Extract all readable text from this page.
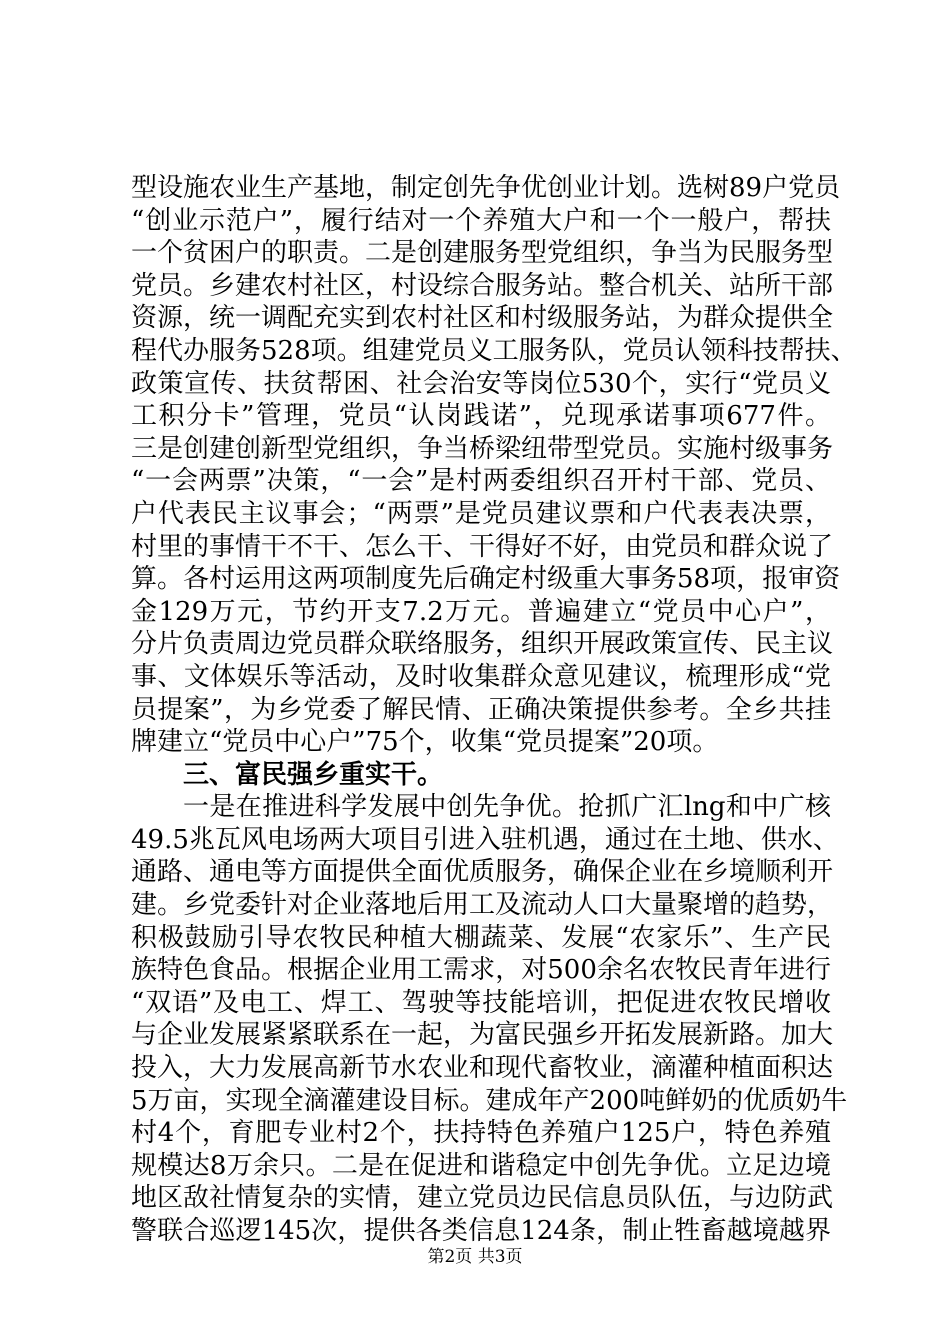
型设施农业生产基地，制定创先争优创业计划。选树89户党员
“创业示范户”，履行结对一个养殖大户和一个一般户，帮扶
一个贫困户的职责。二是创建服务型党组织，争当为民服务型
党员。乡建农村社区，村设综合服务站。整合机关、站所干部
资源，统一调配充实到农村社区和村级服务站，为群众提供全
程代办服务528项。组建党员义工服务队，党员认领科技帮扶、
政策宣传、扶贫帮困、社会治安等岗位530个，实行“党员义
工积分卡”管理，党员“认岗践诺”，兑现承诺事项677件。
三是创建创新型党组织，争当桥梁纽带型党员。实施村级事务
“一会两票”决策，“一会”是村两委组织召开村干部、党员、
户代表民主议事会；“两票”是党员建议票和户代表表决票，
村里的事情干不干、怎么干、干得好不好，由党员和群众说了
算。各村运用这两项制度先后确定村级重大事务58项，报审资
金129万元，节约开支7.2万元。普遍建立“党员中心户”，
分片负责周边党员群众联络服务，组织开展政策宣传、民主议
事、文体娱乐等活动，及时收集群众意见建议，梳理形成“党
员提案”，为乡党委了解民情、正确决策提供参考。全乡共挂
牌建立“党员中心户”75个，收集“党员提案”20项。
三、富民强乡重实干。
一是在推进科学发展中创先争优。抢抓广汇lng和中广核
49.5兆瓦风电场两大项目引进入驻机遇，通过在土地、供水、
通路、通电等方面提供全面优质服务，确保企业在乡境顺利开
建。乡党委针对企业落地后用工及流动人口大量聚增的趋势，
积极鼓励引导农牧民种植大棚蔬菜、发展“农家乐”、生产民
族特色食品。根据企业用工需求，对500余名农牧民青年进行
“双语”及电工、焊工、驾驶等技能培训，把促进农牧民增收
与企业发展紧紧联系在一起，为富民强乡开拓发展新路。加大
投入，大力发展高新节水农业和现代畜牧业，滴灌种植面积达
5万亩，实现全滴灌建设目标。建成年产200吨鲜奶的优质奶牛
村4个，育肥专业村2个，扶持特色养殖户125户，特色养殖
规模达8万余只。二是在促进和谐稳定中创先争优。立足边境
地区敌社情复杂的实情，建立党员边民信息员队伍，与边防武
警联合巡逻145次，提供各类信息124条，制止牲畜越境越界
第2页 共3页
